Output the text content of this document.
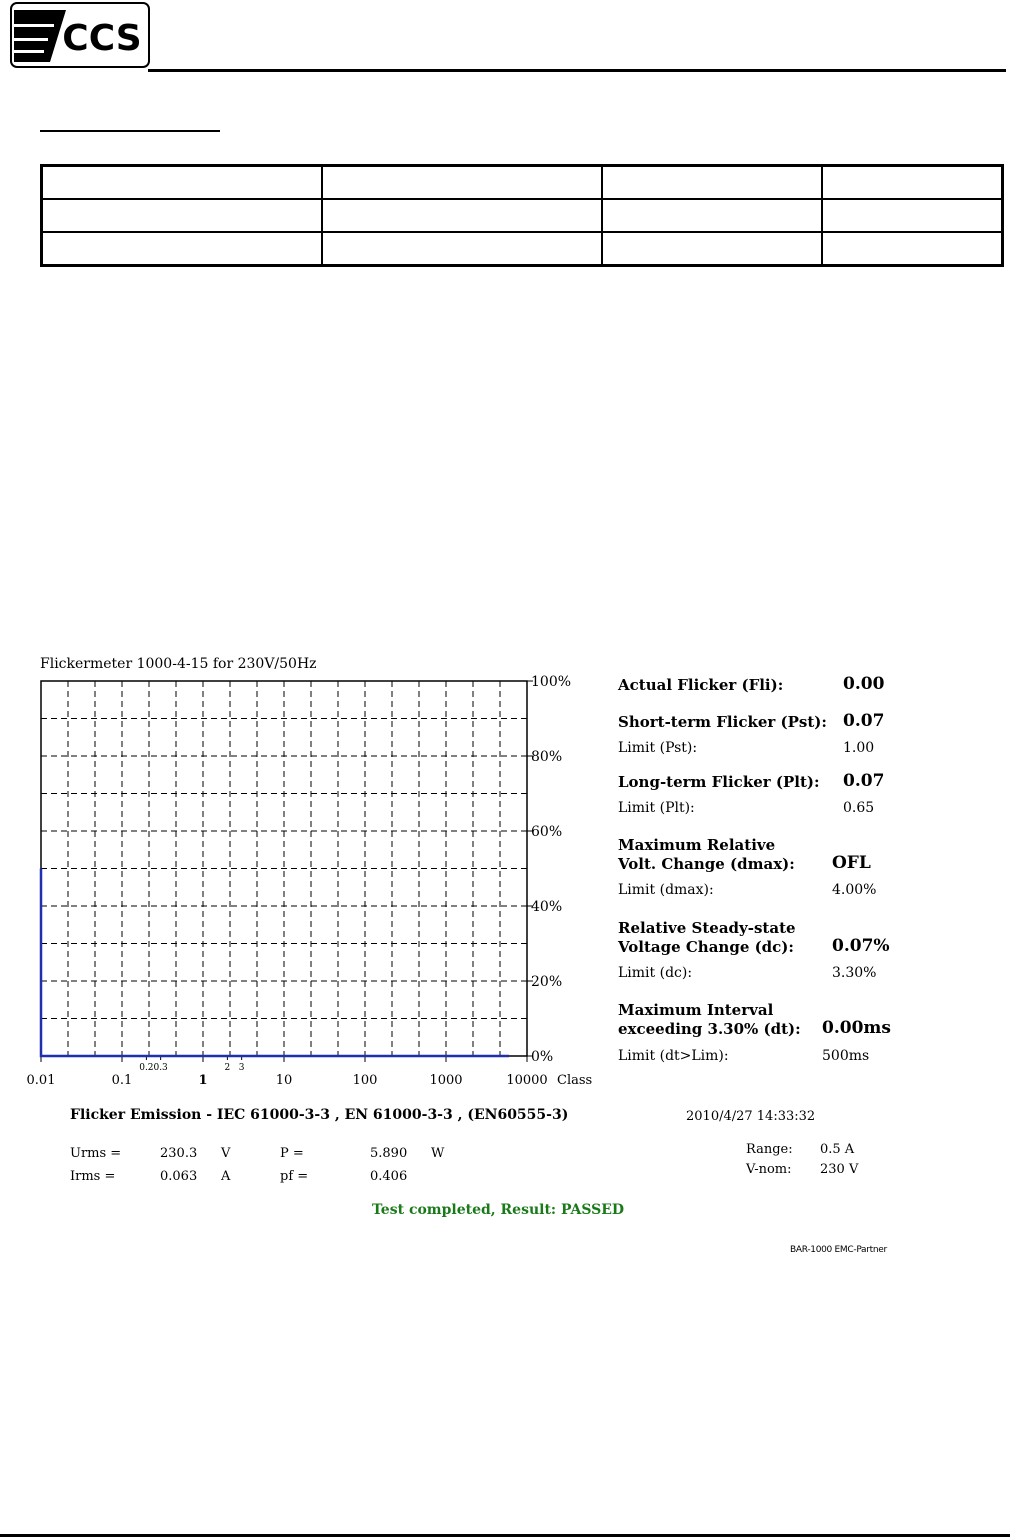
CCS

Flickermeter 1000-4-15 for 230V/50Hz
100%
80%
60%
40%
20%
0%
0.01	0.1	1	10	100	1000	10000
0.2 0.3	2 3
Class
Actual Flicker (Fli):	0.00
Short-term Flicker (Pst): 0.07
Limit (Pst):	1.00
Long-term Flicker (Plt): 0.07
Limit (Plt):	0.65
Maximum Relative
Volt. Change (dmax): OFL
Limit (dmax):	4.00%
Relative Steady-state
Voltage Change (dc): 0.07%
Limit (dc):	3.30%
Maximum Interval
exceeding 3.30% (dt): 0.00ms
Limit (dt>Lim):	500ms
Flicker Emission - IEC 61000-3-3 , EN 61000-3-3 , (EN60555-3)	2010/4/27 14:33:32
Urms =	230.3 V	P =	5.890 W
Irms =	0.063 A	pf =	0.406
Range: 0.5 A
V-nom: 230 V
Test completed, Result: PASSED
BAR-1000 EMC-Partner
